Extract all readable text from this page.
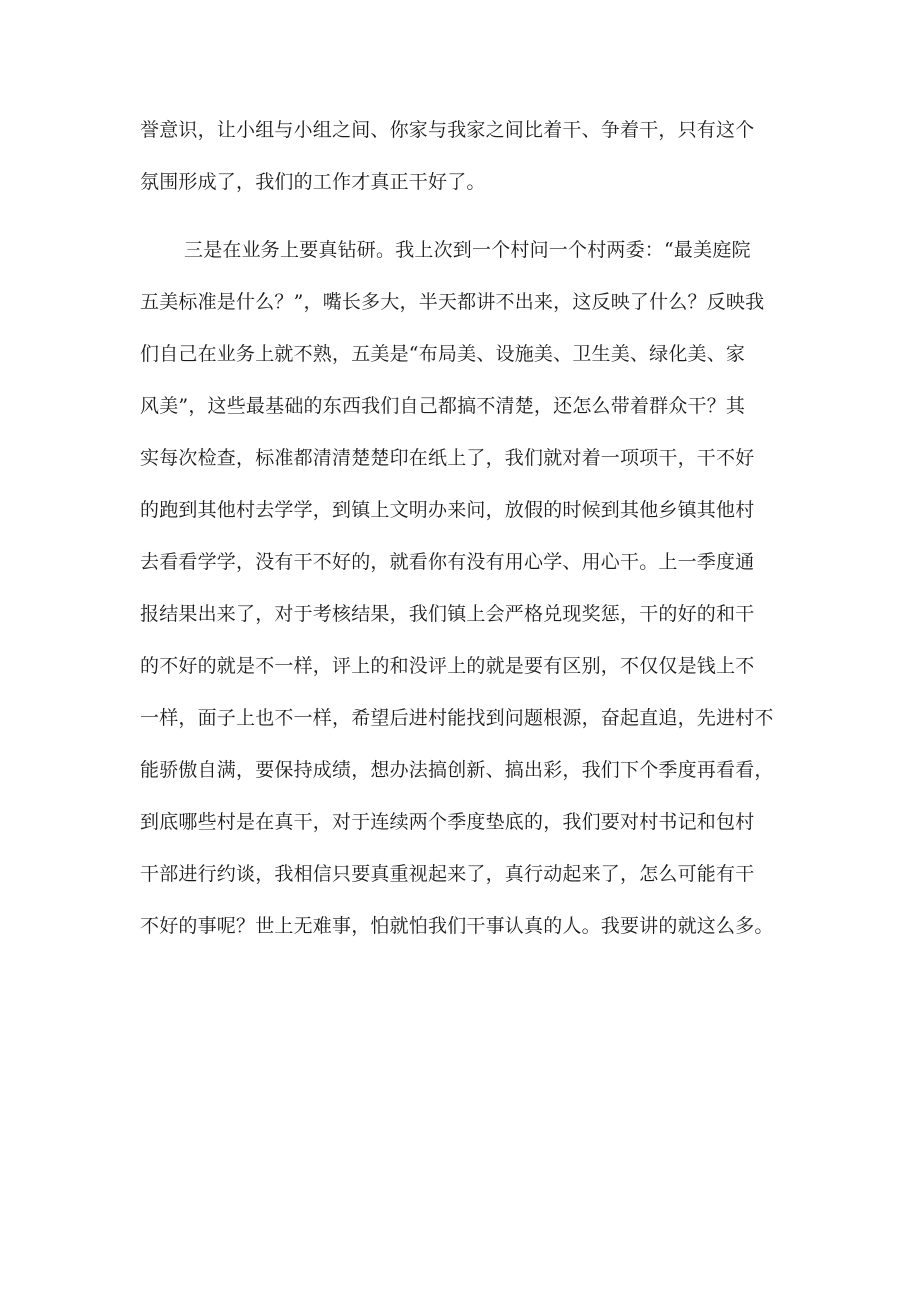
誉意识，让小组与小组之间、你家与我家之间比着干、争着干，只有这个
氛围形成了，我们的工作才真正干好了。
三是在业务上要真钻研。我上次到一个村问一个村两委：“最美庭院
五美标准是什么？”，嘴长多大，半天都讲不出来，这反映了什么？反映我
们自己在业务上就不熟，五美是“布局美、设施美、卫生美、绿化美、家
风美”，这些最基础的东西我们自己都搞不清楚，还怎么带着群众干？其
实每次检查，标准都清清楚楚印在纸上了，我们就对着一项项干，干不好
的跑到其他村去学学，到镇上文明办来问，放假的时候到其他乡镇其他村
去看看学学，没有干不好的，就看你有没有用心学、用心干。上一季度通
报结果出来了，对于考核结果，我们镇上会严格兑现奖惩，干的好的和干
的不好的就是不一样，评上的和没评上的就是要有区别，不仅仅是钱上不
一样，面子上也不一样，希望后进村能找到问题根源，奋起直追，先进村不
能骄傲自满，要保持成绩，想办法搞创新、搞出彩，我们下个季度再看看，
到底哪些村是在真干，对于连续两个季度垫底的，我们要对村书记和包村
干部进行约谈，我相信只要真重视起来了，真行动起来了，怎么可能有干
不好的事呢？世上无难事，怕就怕我们干事认真的人。我要讲的就这么多。
